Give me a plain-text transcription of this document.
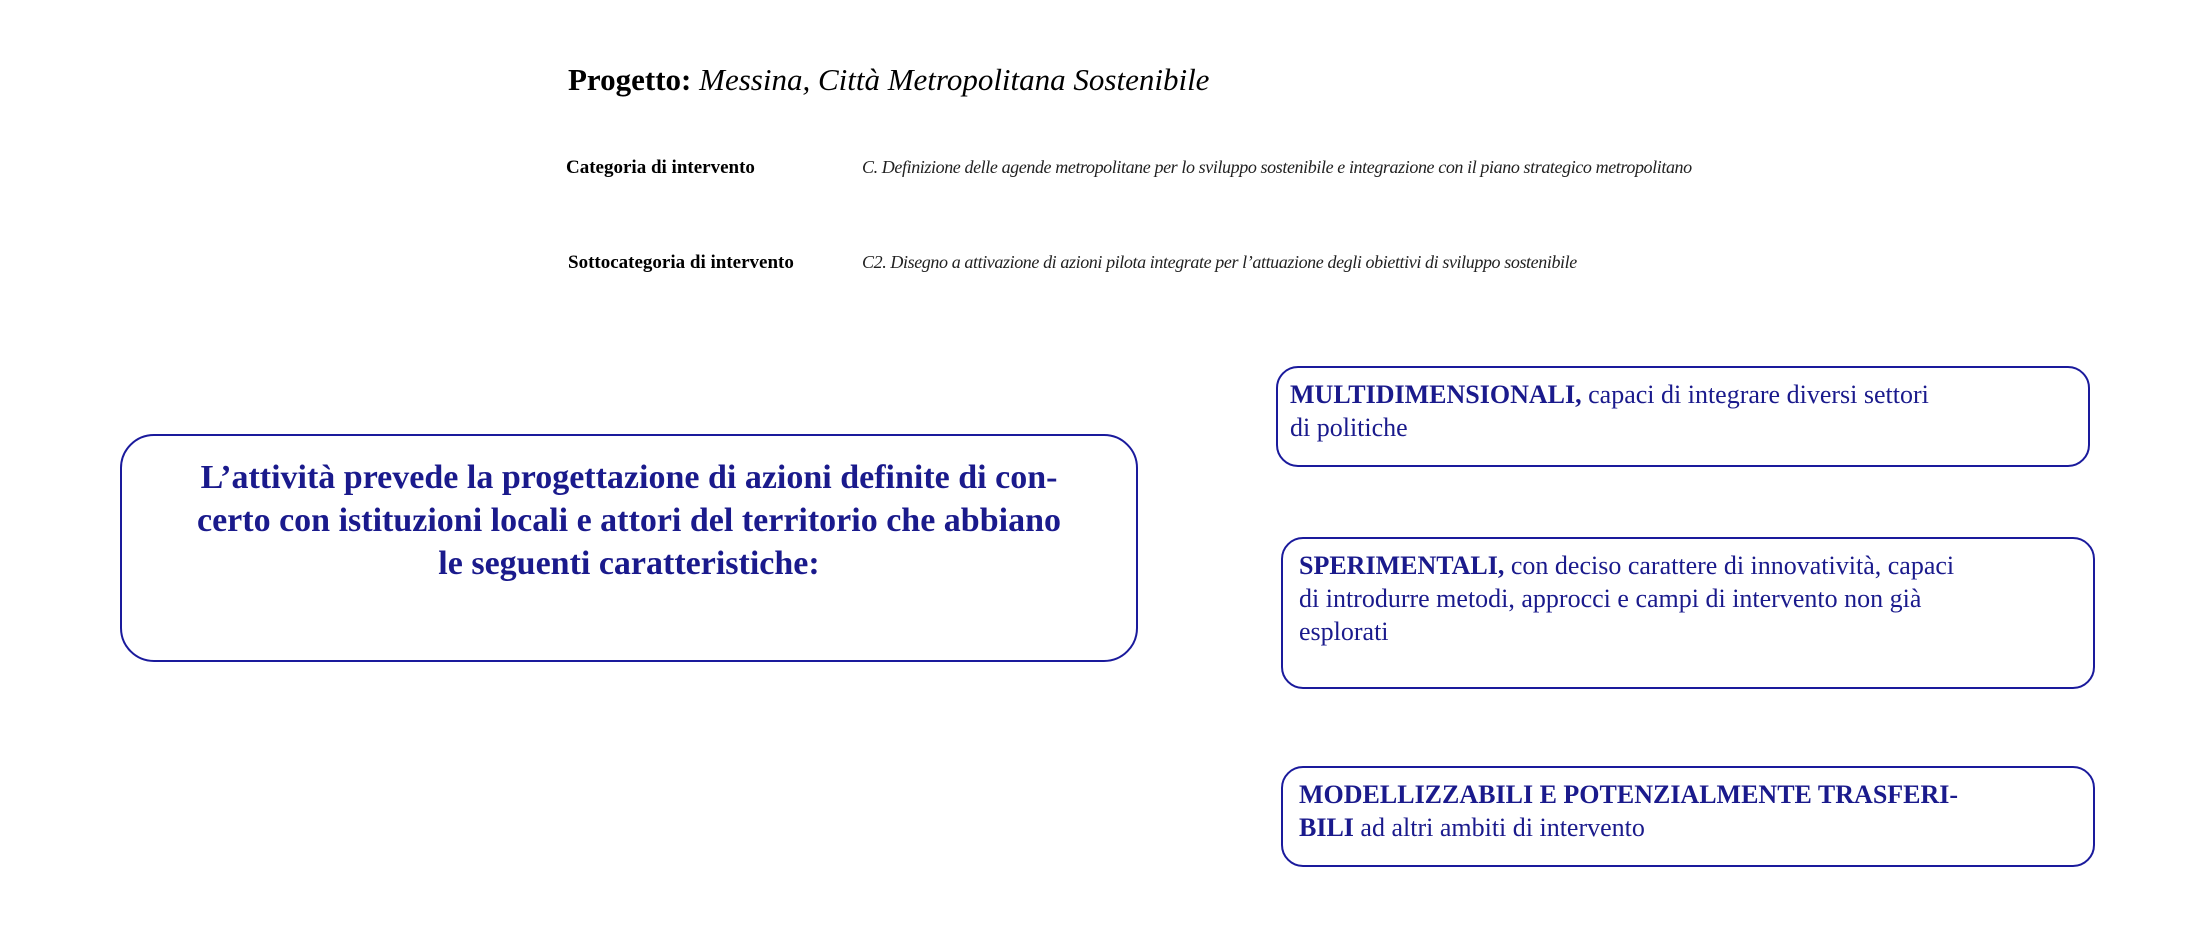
Progetto: Messina, Città Metropolitana Sostenibile
Categoria di intervento	C. Definizione delle agende metropolitane per lo sviluppo sostenibile e integrazione con il piano strategico metropolitano
Sottocategoria di intervento	C2. Disegno a attivazione di azioni pilota integrate per l’attuazione degli obiettivi di sviluppo sostenibile
L’attività prevede la progettazione di azioni definite di con-
certo con istituzioni locali e attori del territorio che abbiano
le seguenti caratteristiche:
MULTIDIMENSIONALI, capaci di integrare diversi settori
di politiche
SPERIMENTALI, con deciso carattere di innovatività, capaci
di introdurre metodi, approcci e campi di intervento non già
esplorati
MODELLIZZABILI E POTENZIALMENTE TRASFERI-
BILI ad altri ambiti di intervento
